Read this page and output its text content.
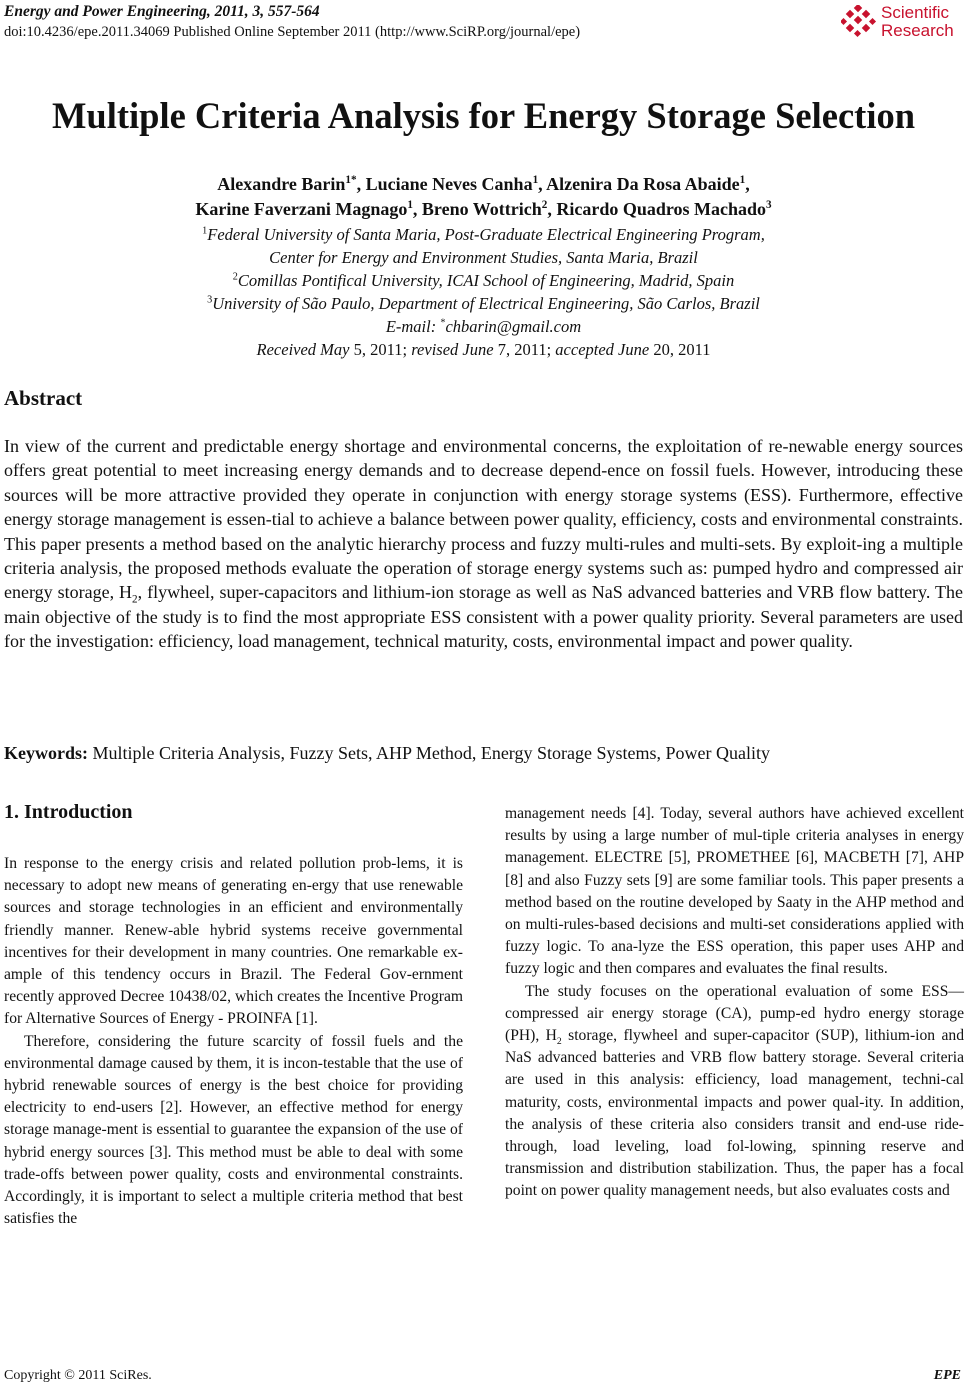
Energy and Power Engineering, 2011, 3, 557-564
doi:10.4236/epe.2011.34069 Published Online September 2011 (http://www.SciRP.org/journal/epe)
Scientific
Research
Multiple Criteria Analysis for Energy Storage Selection
Alexandre Barin$^{1*}$, Luciane Neves Canha$^1$, Alzenira Da Rosa Abaide$^1$,
Karine Faverzani Magnago$^1$, Breno Wottrich$^2$, Ricardo Quadros Machado$^3$
$^1$Federal University of Santa Maria, Post-Graduate Electrical Engineering Program,
Center for Energy and Environment Studies, Santa Maria, Brazil
$^2$Comillas Pontifical University, ICAI School of Engineering, Madrid, Spain
$^3$University of São Paulo, Department of Electrical Engineering, São Carlos, Brazil
E-mail: *chbarin@gmail.com
Received May 5, 2011; revised June 7, 2011; accepted June 20, 2011
Abstract
In view of the current and predictable energy shortage and environmental concerns, the exploitation of re-newable energy sources offers great potential to meet increasing energy demands and to decrease depend-ence on fossil fuels. However, introducing these sources will be more attractive provided they operate in conjunction with energy storage systems (ESS). Furthermore, effective energy storage management is essen-tial to achieve a balance between power quality, efficiency, costs and environmental constraints. This paper presents a method based on the analytic hierarchy process and fuzzy multi-rules and multi-sets. By exploit-ing a multiple criteria analysis, the proposed methods evaluate the operation of storage energy systems such as: pumped hydro and compressed air energy storage, $H_2$, flywheel, super-capacitors and lithium-ion storage as well as NaS advanced batteries and VRB flow battery. The main objective of the study is to find the most appropriate ESS consistent with a power quality priority. Several parameters are used for the investigation: efficiency, load management, technical maturity, costs, environmental impact and power quality.
Keywords: Multiple Criteria Analysis, Fuzzy Sets, AHP Method, Energy Storage Systems, Power Quality
1. Introduction

In response to the energy crisis and related pollution prob-lems, it is necessary to adopt new means of generating en-ergy that use renewable sources and storage technologies in an efficient and environmentally friendly manner. Renew-able hybrid systems receive governmental incentives for their development in many countries. One remarkable ex-ample of this tendency occurs in Brazil. The Federal Gov-ernment recently approved Decree 10438/02, which creates the Incentive Program for Alternative Sources of Energy - PROINFA [1].

Therefore, considering the future scarcity of fossil fuels and the environmental damage caused by them, it is incon-testable that the use of hybrid renewable sources of energy is the best choice for providing electricity to end-users [2]. However, an effective method for energy storage manage-ment is essential to guarantee the expansion of the use of hybrid energy sources [3]. This method must be able to deal with some trade-offs between power quality, costs and environmental constraints. Accordingly, it is important to select a multiple criteria method that best satisfies the

management needs [4]. Today, several authors have achieved excellent results by using a large number of mul-tiple criteria analyses in energy management. ELECTRE [5], PROMETHEE [6], MACBETH [7], AHP [8] and also Fuzzy sets [9] are some familiar tools. This paper presents a method based on the routine developed by Saaty in the AHP method and on multi-rules-based decisions and multi-set considerations applied with fuzzy logic. To ana-lyze the ESS operation, this paper uses AHP and fuzzy logic and then compares and evaluates the final results.

The study focuses on the operational evaluation of some ESS—compressed air energy storage (CA), pump-ed hydro energy storage (PH), $H_2$ storage, flywheel and super-capacitor (SUP), lithium-ion and NaS advanced batteries and VRB flow battery storage. Several criteria are used in this analysis: efficiency, load management, techni-cal maturity, costs, environmental impacts and power qual-ity. In addition, the analysis of these criteria also considers transit and end-use ride-through, load leveling, load fol-lowing, spinning reserve and transmission and distribution stabilization. Thus, the paper has a focal point on power quality management needs, but also evaluates costs and

Copyright © 2011 SciRes.	EPE
